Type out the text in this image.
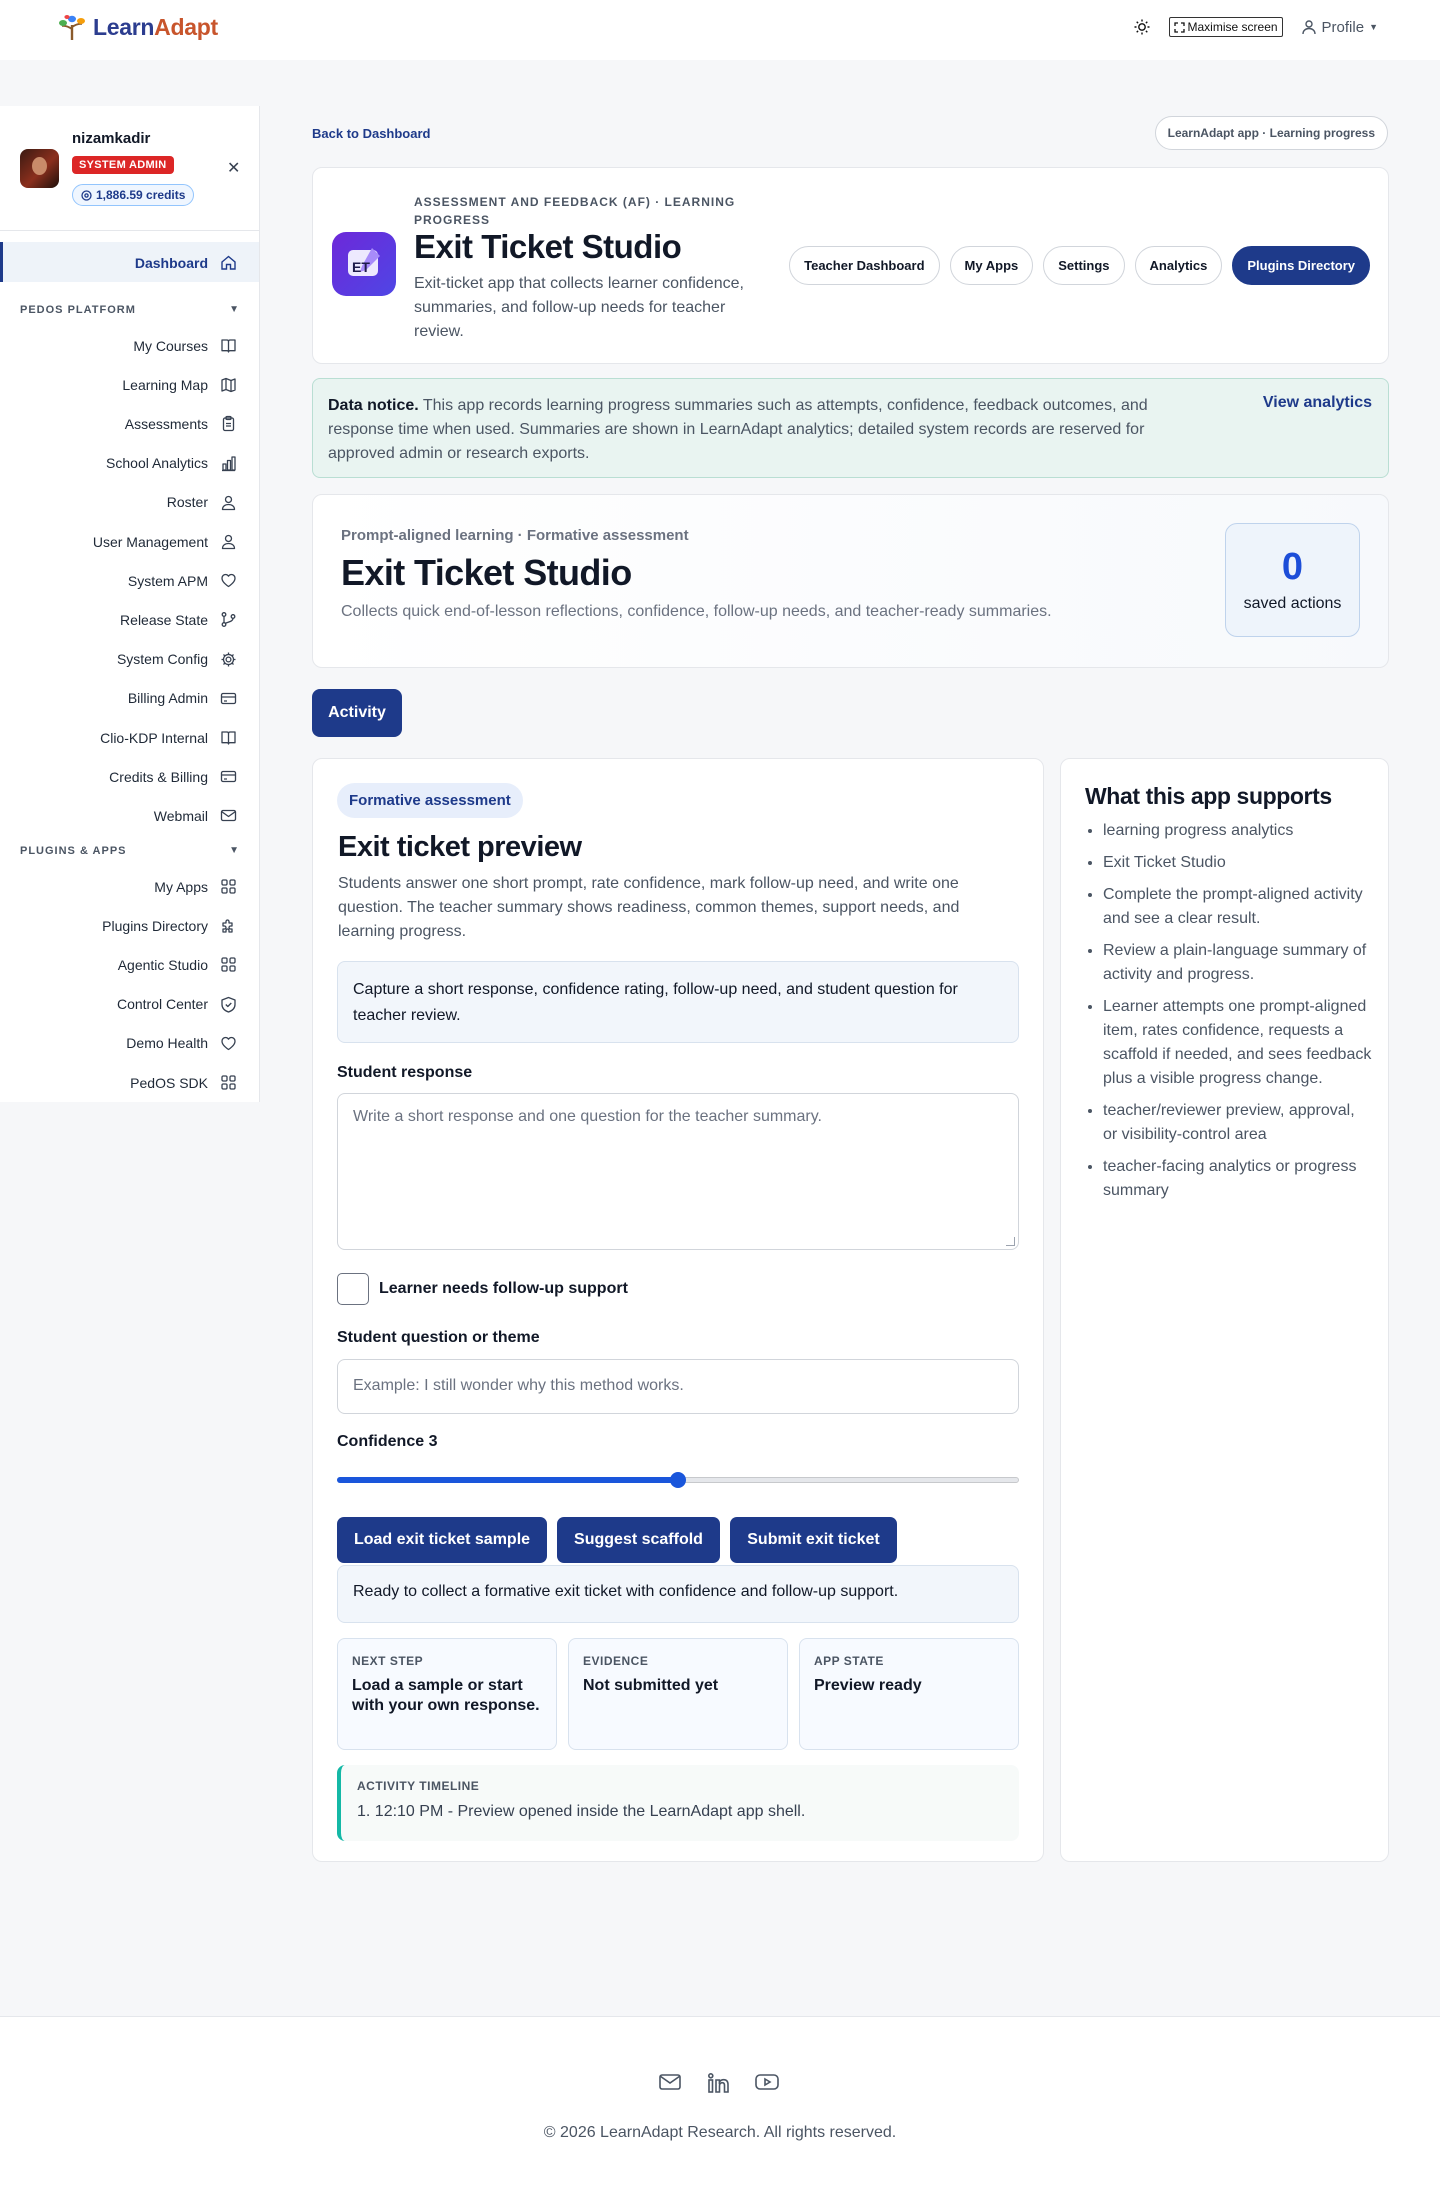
LearnAdapt	Maximise screen	Profile ▼
nizamkadir
SYSTEM ADMIN
1,886.59 credits
✕
Dashboard
PEDOS PLATFORM	▼
My Courses
Learning Map
Assessments
School Analytics
Roster
User Management
System APM
Release State
System Config
Billing Admin
Clio-KDP Internal
Credits & Billing
Webmail
PLUGINS & APPS	▼
My Apps
Plugins Directory
Agentic Studio
Control Center
Demo Health
PedOS SDK
Back to Dashboard	LearnAdapt app · Learning progress
ET
ASSESSMENT AND FEEDBACK (AF) · LEARNING PROGRESS
Exit Ticket Studio
Exit-ticket app that collects learner confidence, summaries, and follow-up needs for teacher review.
Teacher Dashboard	My Apps	Settings	Analytics	Plugins Directory
Data notice. This app records learning progress summaries such as attempts, confidence, feedback outcomes, and response time when used. Summaries are shown in LearnAdapt analytics; detailed system records are reserved for approved admin or research exports.
View analytics
Prompt-aligned learning · Formative assessment
Exit Ticket Studio
Collects quick end-of-lesson reflections, confidence, follow-up needs, and teacher-ready summaries.
0
saved actions
Activity
Formative assessment
Exit ticket preview
Students answer one short prompt, rate confidence, mark follow-up need, and write one question. The teacher summary shows readiness, common themes, support needs, and learning progress.
Capture a short response, confidence rating, follow-up need, and student question for teacher review.
Student response
Write a short response and one question for the teacher summary.
Learner needs follow-up support
Student question or theme
Example: I still wonder why this method works.
Confidence 3
Load exit ticket sample	Suggest scaffold	Submit exit ticket
Ready to collect a formative exit ticket with confidence and follow-up support.
NEXT STEP
Load a sample or start with your own response.
EVIDENCE
Not submitted yet
APP STATE
Preview ready
ACTIVITY TIMELINE
1. 12:10 PM - Preview opened inside the LearnAdapt app shell.
What this app supports
• learning progress analytics
• Exit Ticket Studio
• Complete the prompt-aligned activity and see a clear result.
• Review a plain-language summary of activity and progress.
• Learner attempts one prompt-aligned item, rates confidence, requests a scaffold if needed, and sees feedback plus a visible progress change.
• teacher/reviewer preview, approval, or visibility-control area
• teacher-facing analytics or progress summary
© 2026 LearnAdapt Research. All rights reserved.
